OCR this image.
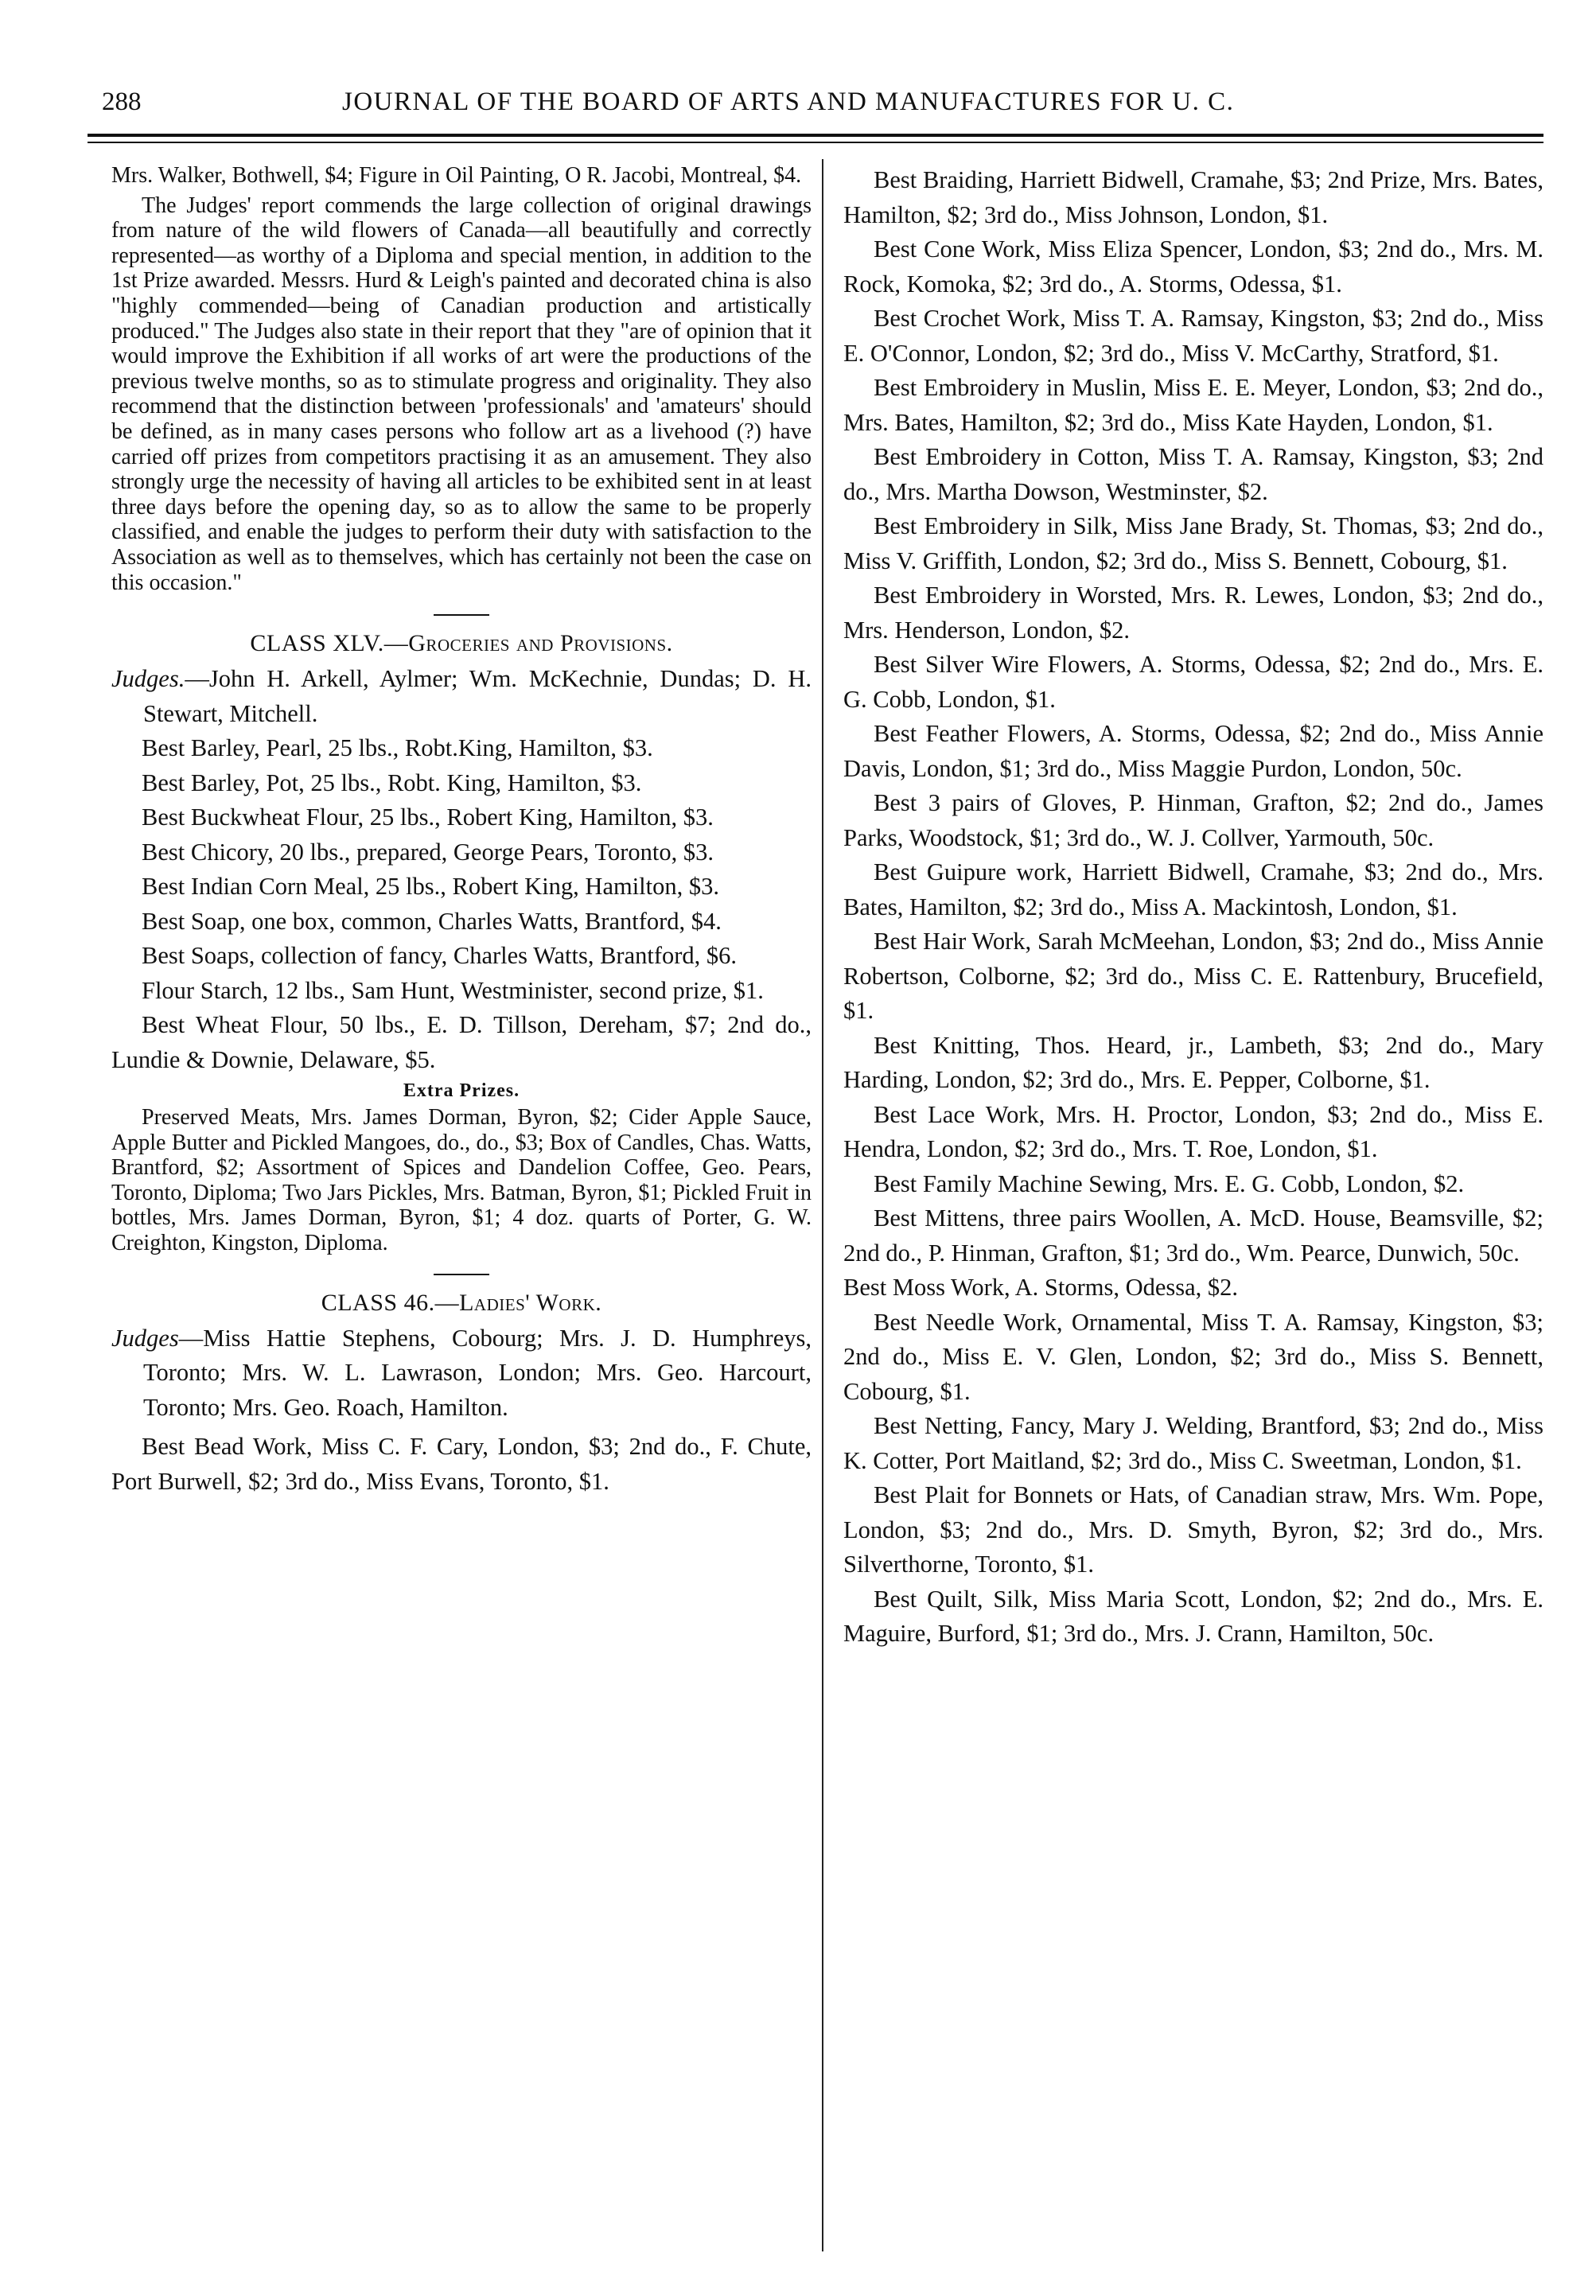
288	JOURNAL OF THE BOARD OF ARTS AND MANUFACTURES FOR U. C.

Mrs. Walker, Bothwell, $4; Figure in Oil Painting, O R. Jacobi, Montreal, $4.

The Judges' report commends the large collection of original drawings from nature of the wild flowers of Canada—all beautifully and correctly represented—as worthy of a Diploma and special mention, in addition to the 1st Prize awarded. Messrs. Hurd & Leigh's painted and decorated china is also "highly commended—being of Canadian production and artistically produced." The Judges also state in their report that they "are of opinion that it would improve the Exhibition if all works of art were the productions of the previous twelve months, so as to stimulate progress and originality. They also recommend that the distinction between 'professionals' and 'amateurs' should be defined, as in many cases persons who follow art as a livehood (?) have carried off prizes from competitors practising it as an amusement. They also strongly urge the necessity of having all articles to be exhibited sent in at least three days before the opening day, so as to allow the same to be properly classified, and enable the judges to perform their duty with satisfaction to the Association as well as to themselves, which has certainly not been the case on this occasion."

CLASS XLV.—Groceries and Provisions.

Judges.—John H. Arkell, Aylmer; Wm. McKechnie, Dundas; D. H. Stewart, Mitchell.

Best Barley, Pearl, 25 lbs., Robt.King, Hamilton, $3.

Best Barley, Pot, 25 lbs., Robt. King, Hamilton, $3.

Best Buckwheat Flour, 25 lbs., Robert King, Hamilton, $3.

Best Chicory, 20 lbs., prepared, George Pears, Toronto, $3.

Best Indian Corn Meal, 25 lbs., Robert King, Hamilton, $3.

Best Soap, one box, common, Charles Watts, Brantford, $4.

Best Soaps, collection of fancy, Charles Watts, Brantford, $6.

Flour Starch, 12 lbs., Sam Hunt, Westminister, second prize, $1.

Best Wheat Flour, 50 lbs., E. D. Tillson, Dereham, $7; 2nd do., Lundie & Downie, Delaware, $5.

Extra Prizes.

Preserved Meats, Mrs. James Dorman, Byron, $2; Cider Apple Sauce, Apple Butter and Pickled Mangoes, do., do., $3; Box of Candles, Chas. Watts, Brantford, $2; Assortment of Spices and Dandelion Coffee, Geo. Pears, Toronto, Diploma; Two Jars Pickles, Mrs. Batman, Byron, $1; Pickled Fruit in bottles, Mrs. James Dorman, Byron, $1; 4 doz. quarts of Porter, G. W. Creighton, Kingston, Diploma.

CLASS 46.—Ladies' Work.

Judges—Miss Hattie Stephens, Cobourg; Mrs. J. D. Humphreys, Toronto; Mrs. W. L. Lawrason, London; Mrs. Geo. Harcourt, Toronto; Mrs. Geo. Roach, Hamilton.

Best Bead Work, Miss C. F. Cary, London, $3; 2nd do., F. Chute, Port Burwell, $2; 3rd do., Miss Evans, Toronto, $1.

Best Braiding, Harriett Bidwell, Cramahe, $3; 2nd Prize, Mrs. Bates, Hamilton, $2; 3rd do., Miss Johnson, London, $1.

Best Cone Work, Miss Eliza Spencer, London, $3; 2nd do., Mrs. M. Rock, Komoka, $2; 3rd do., A. Storms, Odessa, $1.

Best Crochet Work, Miss T. A. Ramsay, Kingston, $3; 2nd do., Miss E. O'Connor, London, $2; 3rd do., Miss V. McCarthy, Stratford, $1.

Best Embroidery in Muslin, Miss E. E. Meyer, London, $3; 2nd do., Mrs. Bates, Hamilton, $2; 3rd do., Miss Kate Hayden, London, $1.

Best Embroidery in Cotton, Miss T. A. Ramsay, Kingston, $3; 2nd do., Mrs. Martha Dowson, Westminster, $2.

Best Embroidery in Silk, Miss Jane Brady, St. Thomas, $3; 2nd do., Miss V. Griffith, London, $2; 3rd do., Miss S. Bennett, Cobourg, $1.

Best Embroidery in Worsted, Mrs. R. Lewes, London, $3; 2nd do., Mrs. Henderson, London, $2.

Best Silver Wire Flowers, A. Storms, Odessa, $2; 2nd do., Mrs. E. G. Cobb, London, $1.

Best Feather Flowers, A. Storms, Odessa, $2; 2nd do., Miss Annie Davis, London, $1; 3rd do., Miss Maggie Purdon, London, 50c.

Best 3 pairs of Gloves, P. Hinman, Grafton, $2; 2nd do., James Parks, Woodstock, $1; 3rd do., W. J. Collver, Yarmouth, 50c.

Best Guipure work, Harriett Bidwell, Cramahe, $3; 2nd do., Mrs. Bates, Hamilton, $2; 3rd do., Miss A. Mackintosh, London, $1.

Best Hair Work, Sarah McMeehan, London, $3; 2nd do., Miss Annie Robertson, Colborne, $2; 3rd do., Miss C. E. Rattenbury, Brucefield, $1.

Best Knitting, Thos. Heard, jr., Lambeth, $3; 2nd do., Mary Harding, London, $2; 3rd do., Mrs. E. Pepper, Colborne, $1.

Best Lace Work, Mrs. H. Proctor, London, $3; 2nd do., Miss E. Hendra, London, $2; 3rd do., Mrs. T. Roe, London, $1.

Best Family Machine Sewing, Mrs. E. G. Cobb, London, $2.

Best Mittens, three pairs Woollen, A. McD. House, Beamsville, $2; 2nd do., P. Hinman, Grafton, $1; 3rd do., Wm. Pearce, Dunwich, 50c.

Best Moss Work, A. Storms, Odessa, $2.

Best Needle Work, Ornamental, Miss T. A. Ramsay, Kingston, $3; 2nd do., Miss E. V. Glen, London, $2; 3rd do., Miss S. Bennett, Cobourg, $1.

Best Netting, Fancy, Mary J. Welding, Brantford, $3; 2nd do., Miss K. Cotter, Port Maitland, $2; 3rd do., Miss C. Sweetman, London, $1.

Best Plait for Bonnets or Hats, of Canadian straw, Mrs. Wm. Pope, London, $3; 2nd do., Mrs. D. Smyth, Byron, $2; 3rd do., Mrs. Silverthorne, Toronto, $1.

Best Quilt, Silk, Miss Maria Scott, London, $2; 2nd do., Mrs. E. Maguire, Burford, $1; 3rd do., Mrs. J. Crann, Hamilton, 50c.
